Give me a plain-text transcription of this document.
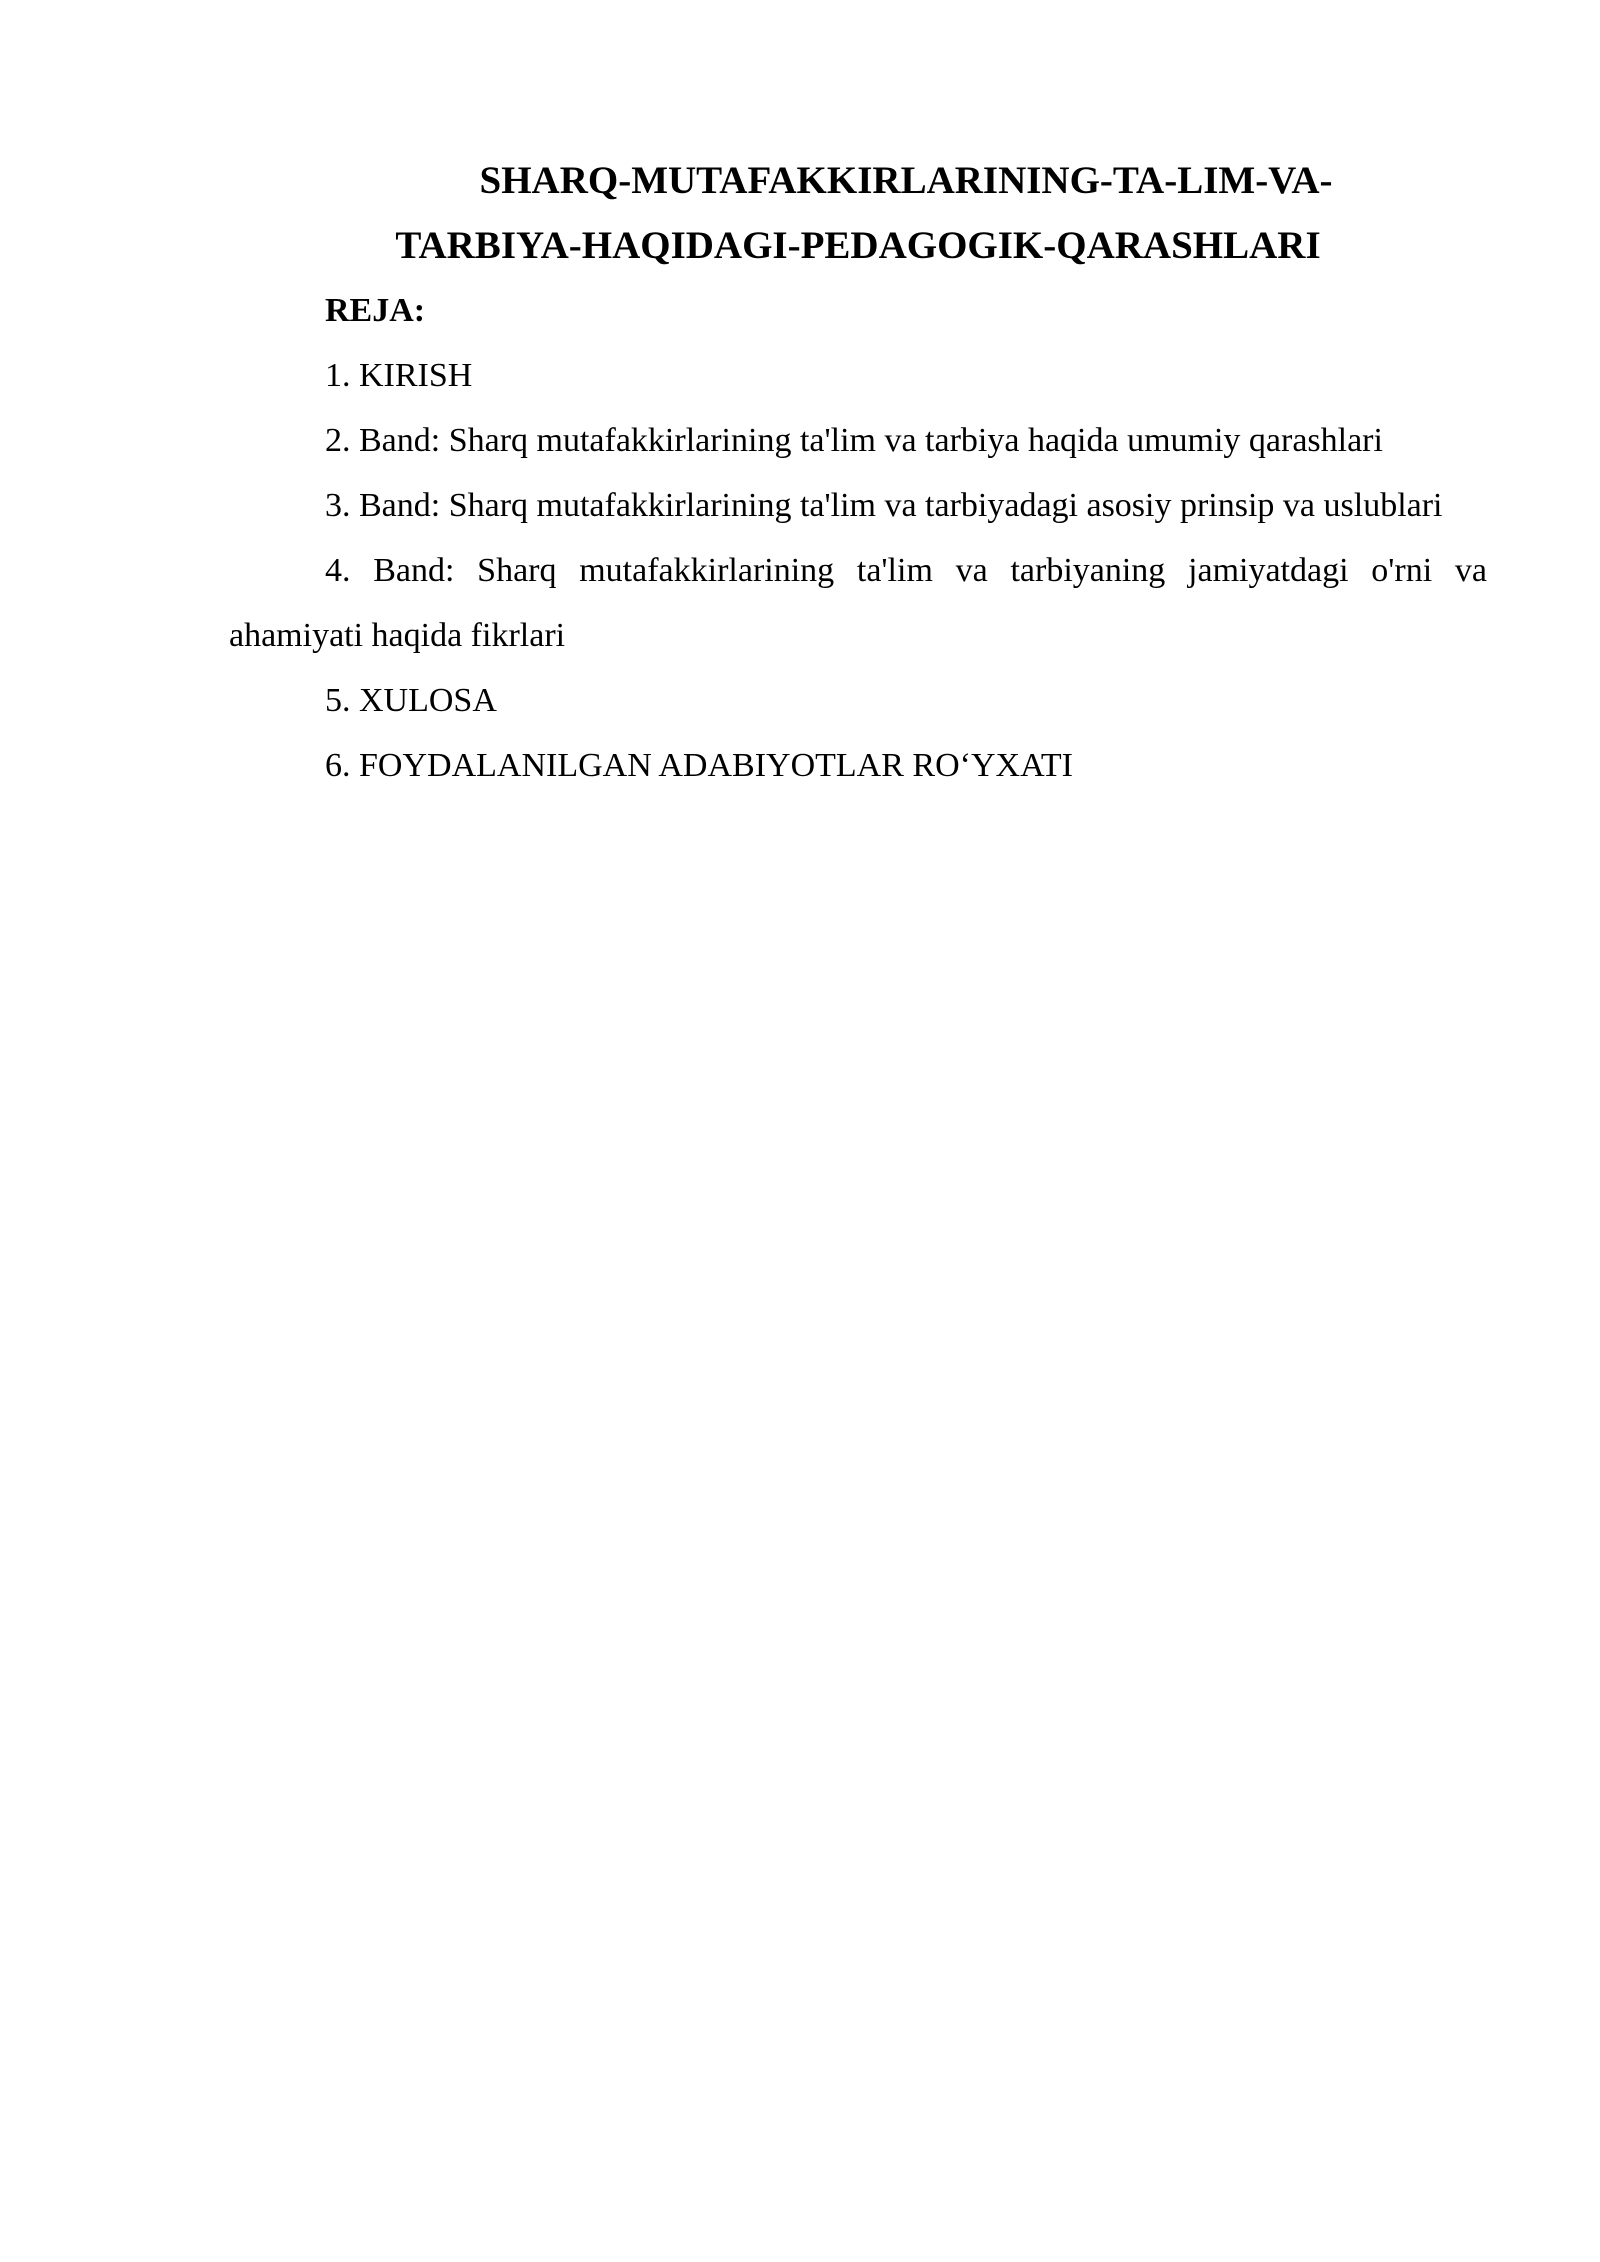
SHARQ-MUTAFAKKIRLARINING-TA-LIM-VA-
TARBIYA-HAQIDAGI-PEDAGOGIK-QARASHLARI

REJA:

1. KIRISH
2. Band: Sharq mutafakkirlarining ta'lim va tarbiya haqida umumiy qarashlari
3. Band: Sharq mutafakkirlarining ta'lim va tarbiyadagi asosiy prinsip va uslublari
4. Band: Sharq mutafakkirlarining ta'lim va tarbiyaning jamiyatdagi o'rni va ahamiyati haqida fikrlari
5. XULOSA
6. FOYDALANILGAN ADABIYOTLAR RO‘YXATI
